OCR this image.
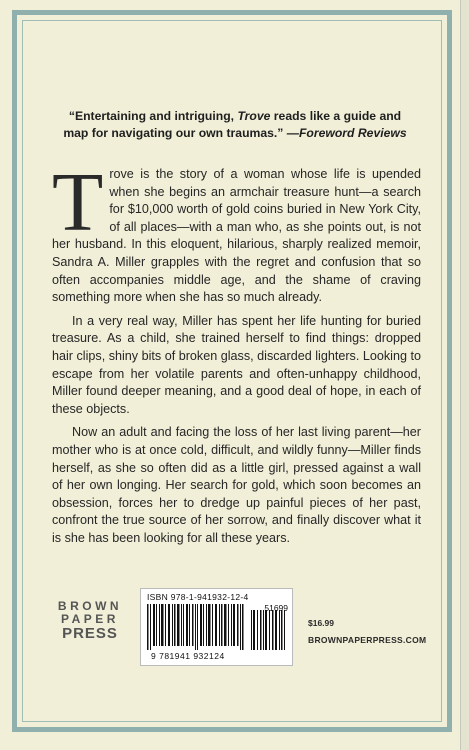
“Entertaining and intriguing, Trove reads like a guide and map for navigating our own traumas.” —Foreword Reviews

Trove is the story of a woman whose life is upended when she begins an armchair treasure hunt—a search for $10,000 worth of gold coins buried in New York City, of all places—with a man who, as she points out, is not her husband. In this eloquent, hilarious, sharply realized memoir, Sandra A. Miller grapples with the regret and confusion that so often accompanies middle age, and the shame of craving something more when she has so much already.

In a very real way, Miller has spent her life hunting for buried treasure. As a child, she trained herself to find things: dropped hair clips, shiny bits of broken glass, discarded lighters. Looking to escape from her volatile parents and often-unhappy childhood, Miller found deeper meaning, and a good deal of hope, in each of these objects.

Now an adult and facing the loss of her last living parent—her mother who is at once cold, difficult, and wildly funny—Miller finds herself, as she so often did as a little girl, pressed against a wall of her own longing. Her search for gold, which soon becomes an obsession, forces her to dredge up painful pieces of her past, confront the true source of her sorrow, and finally discover what it is she has been looking for all these years.

BROWN
PAPER
PRESS
ISBN 978-1-941932-12-4
51699
9 781941 932124
$16.99
BROWNPAPERPRESS.COM
